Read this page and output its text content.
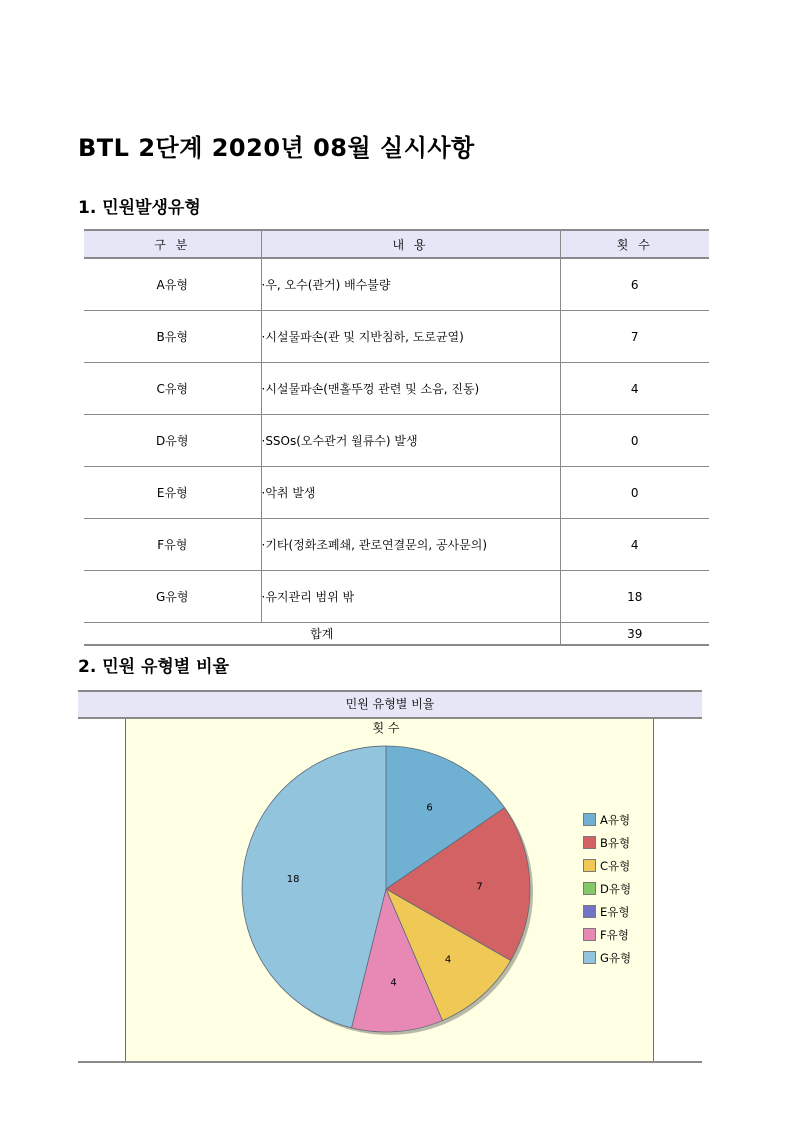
BTL 2단계 2020년 08월 실시사항
1. 민원발생유형
구 분	내 용	횟 수
A유형	·우, 오수(관거) 배수불량	6
B유형	·시설물파손(관 및 지반침하, 도로균열)	7
C유형	·시설물파손(맨홀뚜껑 관련 및 소음, 진동)	4
D유형	·SSOs(오수관거 월류수) 발생	0
E유형	·악취 발생	0
F유형	·기타(정화조폐쇄, 관로연결문의, 공사문의)	4
G유형	·유지관리 범위 밖	18
합계		39
2. 민원 유형별 비율
민원 유형별 비율
횟 수
6
7
4
4
18
A유형
B유형
C유형
D유형
E유형
F유형
G유형
